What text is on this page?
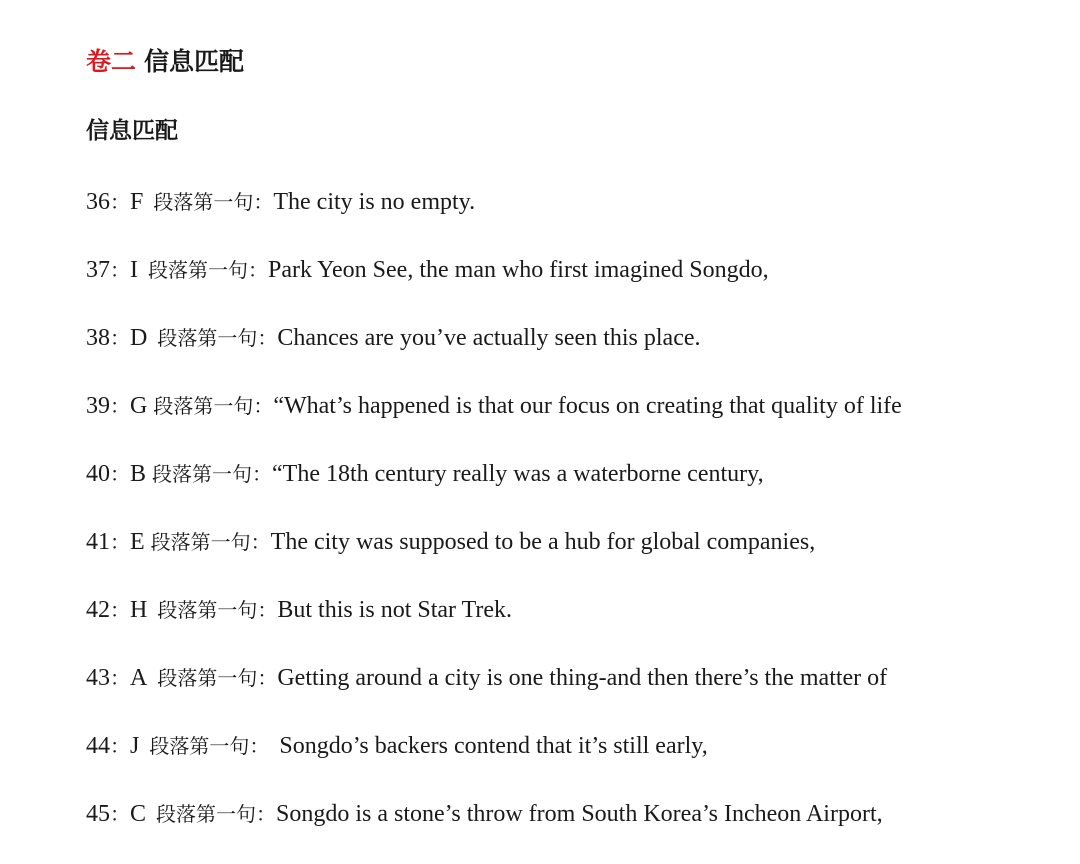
卷二 信息匹配
信息匹配
36：F 段落第一句：The city is no empty.
37：I 段落第一句：Park Yeon See, the man who first imagined Songdo,
38：D 段落第一句：Chances are you’ve actually seen this place.
39：G 段落第一句：“What’s happened is that our focus on creating that quality of life
40：B 段落第一句：“The 18th century really was a waterborne century,
41：E 段落第一句：The city was supposed to be a hub for global companies,
42：H 段落第一句：But this is not Star Trek.
43：A 段落第一句：Getting around a city is one thing-and then there’s the matter of
44：J 段落第一句： Songdo’s backers contend that it’s still early,
45：C 段落第一句：Songdo is a stone’s throw from South Korea’s Incheon Airport,
